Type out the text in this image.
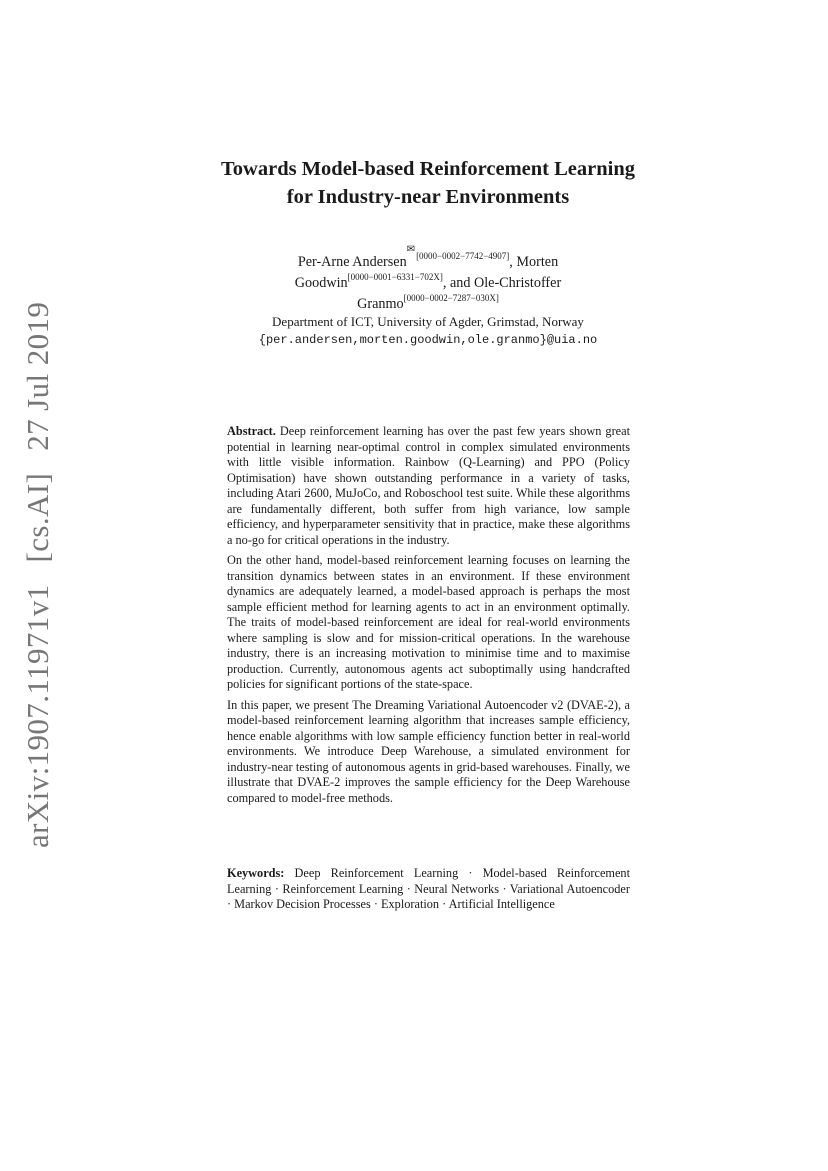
arXiv:1907.11971v1[cs.AI]27 Jul 2019
Towards Model-based Reinforcement Learning
for Industry-near Environments
Per-Arne Andersen$^{✉[0000-0002-7742-4907]}$, Morten
Goodwin[0000−0001−6331−702X], and Ole-Christoffer
Granmo[0000−0002−7287−030X]
Department of ICT, University of Agder, Grimstad, Norway
{per.andersen,morten.goodwin,ole.granmo}@uia.no

Abstract. Deep reinforcement learning has over the past few years shown great potential in learning near-optimal control in complex simulated environments with little visible information. Rainbow (Q-Learning) and PPO (Policy Optimisation) have shown outstanding performance in a variety of tasks, including Atari 2600, MuJoCo, and Roboschool test suite. While these algorithms are fundamentally different, both suffer from high variance, low sample efficiency, and hyperparameter sensitivity that in practice, make these algorithms a no-go for critical operations in the industry.

On the other hand, model-based reinforcement learning focuses on learning the transition dynamics between states in an environment. If these environment dynamics are adequately learned, a model-based approach is perhaps the most sample efficient method for learning agents to act in an environment optimally. The traits of model-based reinforcement are ideal for real-world environments where sampling is slow and for mission-critical operations. In the warehouse industry, there is an increasing motivation to minimise time and to maximise production. Currently, autonomous agents act suboptimally using handcrafted policies for significant portions of the state-space.

In this paper, we present The Dreaming Variational Autoencoder v2 (DVAE-2), a model-based reinforcement learning algorithm that increases sample efficiency, hence enable algorithms with low sample efficiency function better in real-world environments. We introduce Deep Warehouse, a simulated environment for industry-near testing of autonomous agents in grid-based warehouses. Finally, we illustrate that DVAE-2 improves the sample efficiency for the Deep Warehouse compared to model-free methods.

Keywords: Deep Reinforcement Learning · Model-based Reinforcement Learning · Reinforcement Learning · Neural Networks · Variational Autoencoder · Markov Decision Processes · Exploration · Artificial Intelligence
